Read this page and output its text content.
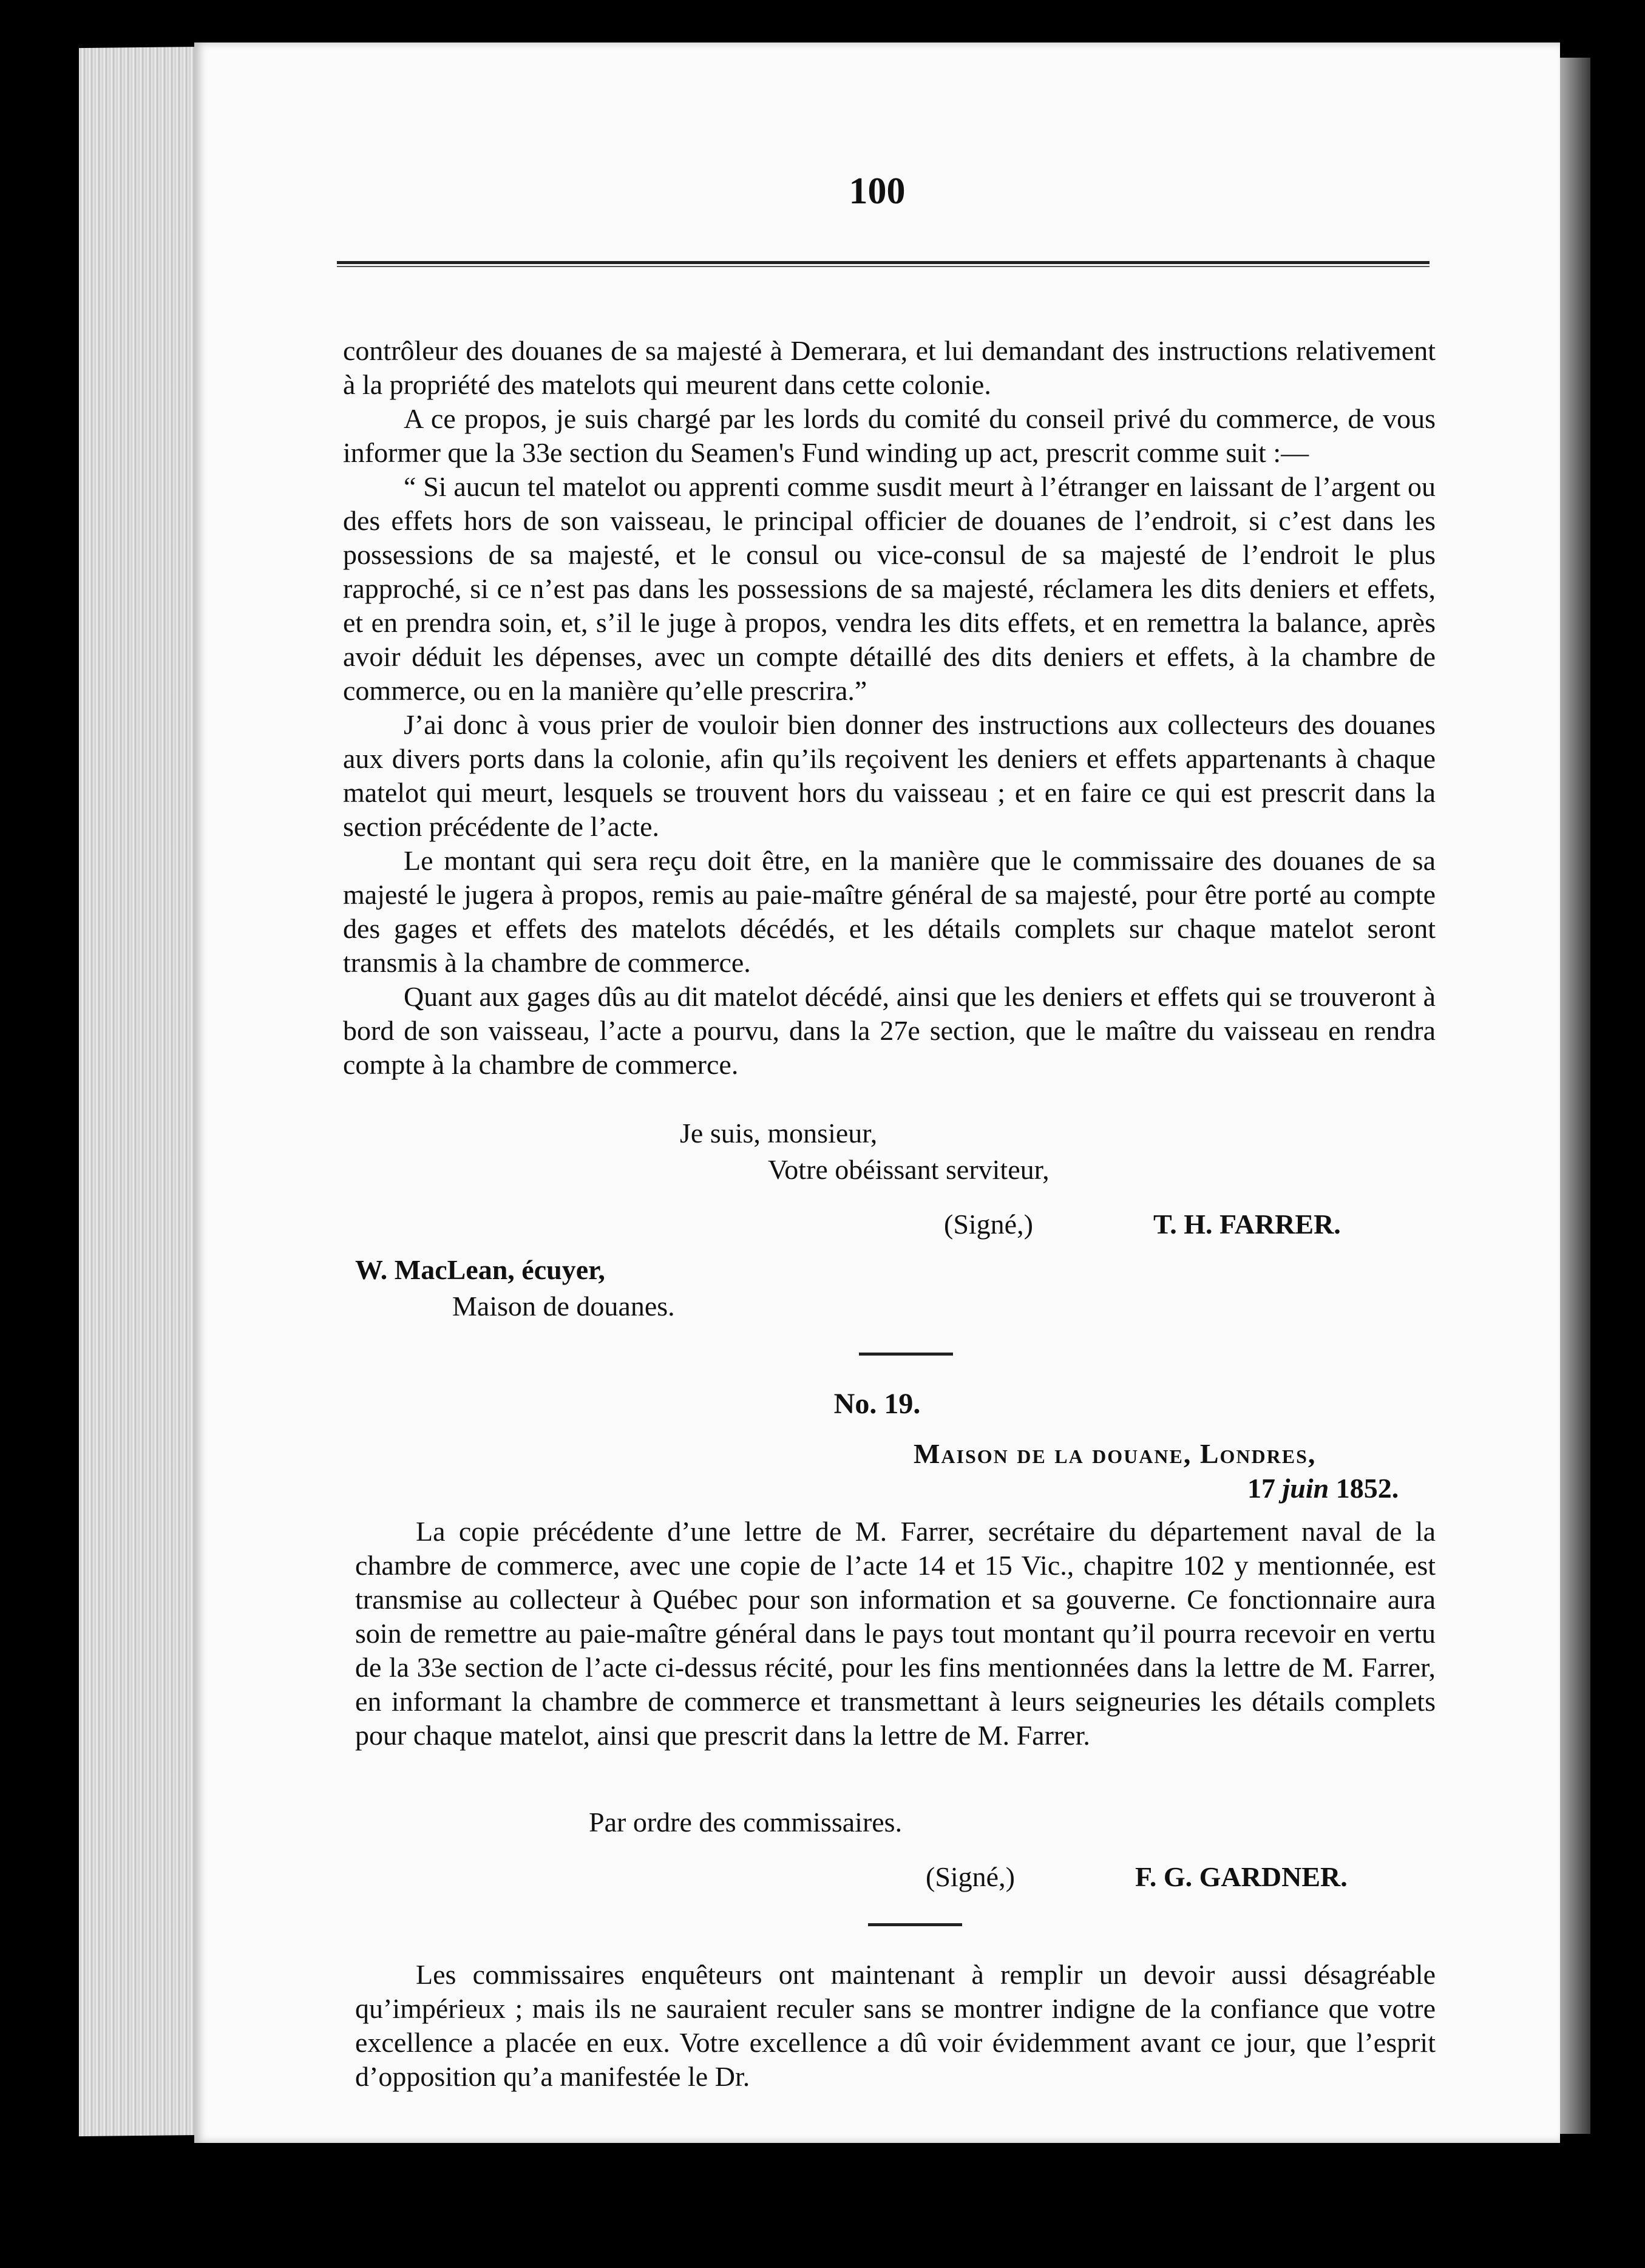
100

contrôleur des douanes de sa majesté à Demerara, et lui demandant des instructions relativement à la propriété des matelots qui meurent dans cette colonie.

A ce propos, je suis chargé par les lords du comité du conseil privé du commerce, de vous informer que la 33e section du Seamen's Fund winding up act, prescrit comme suit :—

“ Si aucun tel matelot ou apprenti comme susdit meurt à l’étranger en laissant de l’argent ou des effets hors de son vaisseau, le principal officier de douanes de l’endroit, si c’est dans les possessions de sa majesté, et le consul ou vice-consul de sa majesté de l’endroit le plus rapproché, si ce n’est pas dans les possessions de sa majesté, réclamera les dits deniers et effets, et en prendra soin, et, s’il le juge à propos, vendra les dits effets, et en remettra la balance, après avoir déduit les dépenses, avec un compte détaillé des dits deniers et effets, à la chambre de commerce, ou en la manière qu’elle prescrira.”

J’ai donc à vous prier de vouloir bien donner des instructions aux collecteurs des douanes aux divers ports dans la colonie, afin qu’ils reçoivent les deniers et effets appartenants à chaque matelot qui meurt, lesquels se trouvent hors du vaisseau ; et en faire ce qui est prescrit dans la section précédente de l’acte.

Le montant qui sera reçu doit être, en la manière que le commissaire des douanes de sa majesté le jugera à propos, remis au paie-maître général de sa majesté, pour être porté au compte des gages et effets des matelots décédés, et les détails complets sur chaque matelot seront transmis à la chambre de commerce.

Quant aux gages dûs au dit matelot décédé, ainsi que les deniers et effets qui se trouveront à bord de son vaisseau, l’acte a pourvu, dans la 27e section, que le maître du vaisseau en rendra compte à la chambre de commerce.

Je suis, monsieur,
Votre obéissant serviteur,
(Signé,)	T. H. FARRER.
W. MacLean, écuyer,
Maison de douanes.
No. 19.
Maison de la douane, Londres,
17 juin 1852.

La copie précédente d’une lettre de M. Farrer, secrétaire du département naval de la chambre de commerce, avec une copie de l’acte 14 et 15 Vic., chapitre 102 y mentionnée, est transmise au collecteur à Québec pour son information et sa gouverne. Ce fonctionnaire aura soin de remettre au paie-maître général dans le pays tout montant qu’il pourra recevoir en vertu de la 33e section de l’acte ci-dessus récité, pour les fins mentionnées dans la lettre de M. Farrer, en informant la chambre de commerce et transmettant à leurs seigneuries les détails complets pour chaque matelot, ainsi que prescrit dans la lettre de M. Farrer.

Par ordre des commissaires.
(Signé,)	F. G. GARDNER.

Les commissaires enquêteurs ont maintenant à remplir un devoir aussi désagréable qu’impérieux ; mais ils ne sauraient reculer sans se montrer indigne de la confiance que votre excellence a placée en eux. Votre excellence a dû voir évidemment avant ce jour, que l’esprit d’opposition qu’a manifestée le Dr.
